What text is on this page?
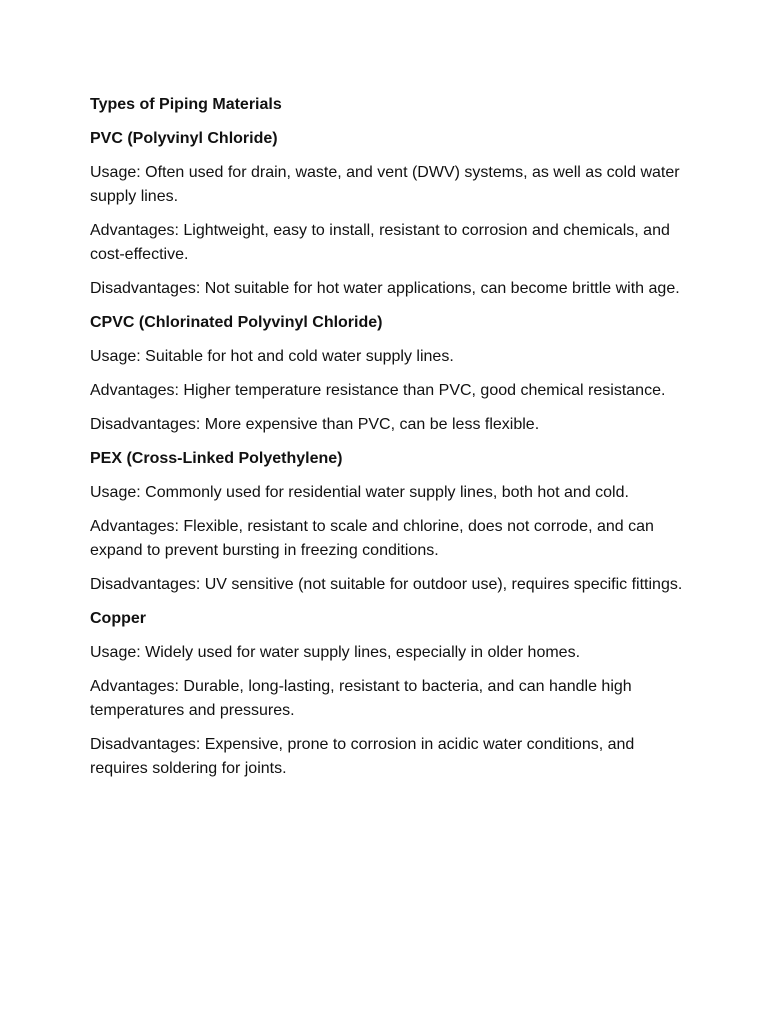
Types of Piping Materials

PVC (Polyvinyl Chloride)

Usage: Often used for drain, waste, and vent (DWV) systems, as well as cold water supply lines.

Advantages: Lightweight, easy to install, resistant to corrosion and chemicals, and cost-effective.

Disadvantages: Not suitable for hot water applications, can become brittle with age.

CPVC (Chlorinated Polyvinyl Chloride)

Usage: Suitable for hot and cold water supply lines.

Advantages: Higher temperature resistance than PVC, good chemical resistance.

Disadvantages: More expensive than PVC, can be less flexible.

PEX (Cross-Linked Polyethylene)

Usage: Commonly used for residential water supply lines, both hot and cold.

Advantages: Flexible, resistant to scale and chlorine, does not corrode, and can expand to prevent bursting in freezing conditions.

Disadvantages: UV sensitive (not suitable for outdoor use), requires specific fittings.

Copper

Usage: Widely used for water supply lines, especially in older homes.

Advantages: Durable, long-lasting, resistant to bacteria, and can handle high temperatures and pressures.

Disadvantages: Expensive, prone to corrosion in acidic water conditions, and requires soldering for joints.
